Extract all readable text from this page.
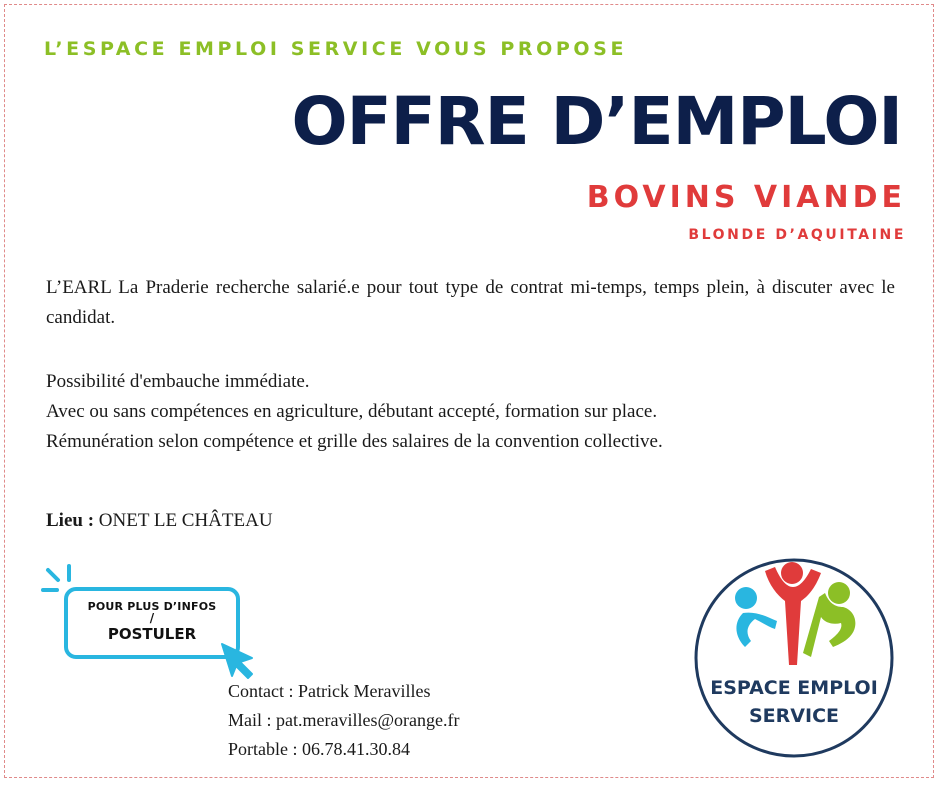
L’ESPACE EMPLOI SERVICE VOUS PROPOSE
OFFRE D’EMPLOI
BOVINS VIANDE
BLONDE D’AQUITAINE
L’EARL La Praderie recherche salarié.e pour tout type de contrat mi-temps, temps plein, à discuter avec le candidat.
Possibilité d'embauche immédiate.
Avec ou sans compétences en agriculture, débutant accepté, formation sur place.
Rémunération selon compétence et grille des salaires de la convention collective.
Lieu : ONET LE CHÂTEAU
POUR PLUS D’INFOS
/
POSTULER
Contact : Patrick Meravilles
Mail : pat.meravilles@orange.fr
Portable : 06.78.41.30.84
ESPACE EMPLOI
SERVICE
